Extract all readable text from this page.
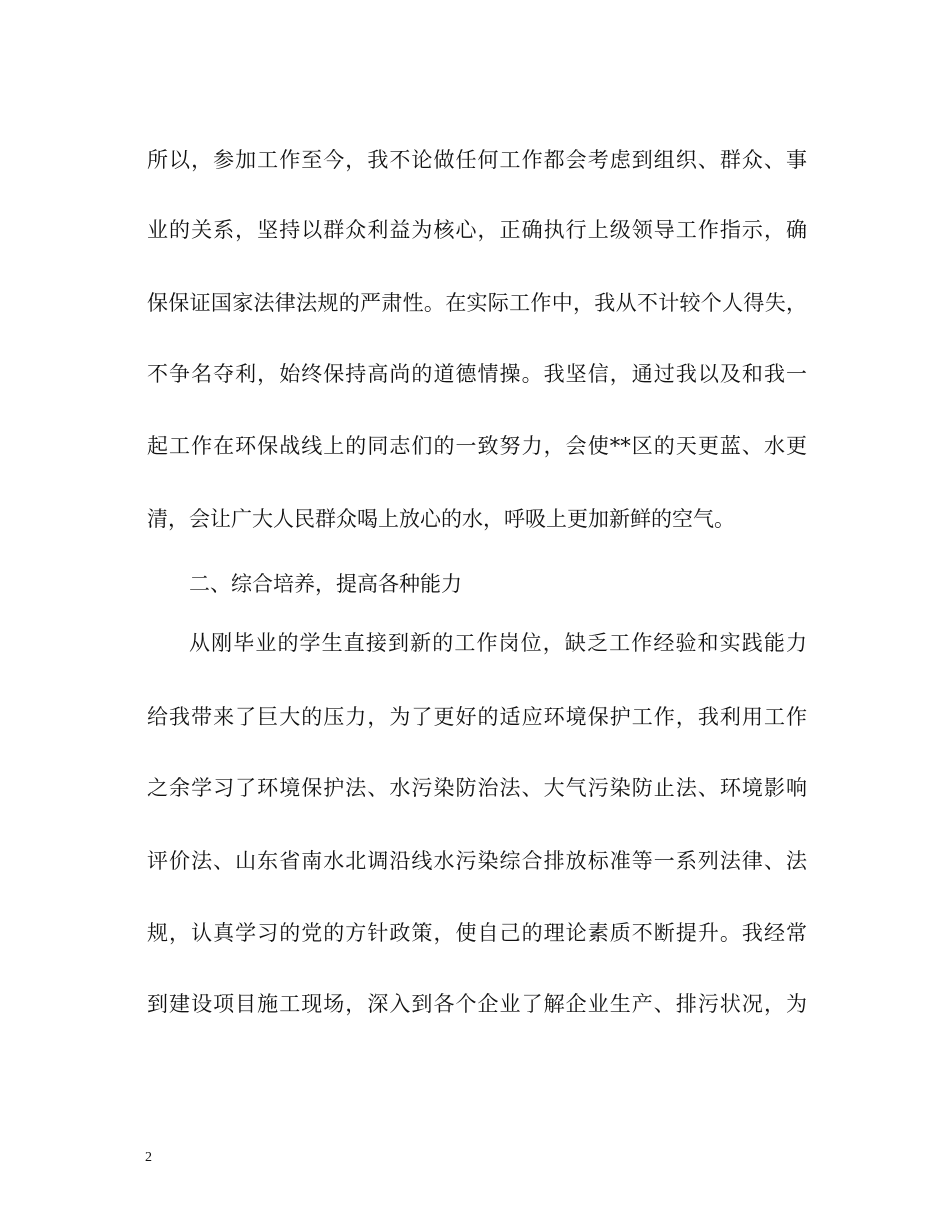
所以，参加工作至今，我不论做任何工作都会考虑到组织、群众、事
业的关系，坚持以群众利益为核心，正确执行上级领导工作指示，确
保保证国家法律法规的严肃性。在实际工作中，我从不计较个人得失，
不争名夺利，始终保持高尚的道德情操。我坚信，通过我以及和我一
起工作在环保战线上的同志们的一致努力，会使**区的天更蓝、水更
清，会让广大人民群众喝上放心的水，呼吸上更加新鲜的空气。
二、综合培养，提高各种能力
从刚毕业的学生直接到新的工作岗位，缺乏工作经验和实践能力
给我带来了巨大的压力，为了更好的适应环境保护工作，我利用工作
之余学习了环境保护法、水污染防治法、大气污染防止法、环境影响
评价法、山东省南水北调沿线水污染综合排放标准等一系列法律、法
规，认真学习的党的方针政策，使自己的理论素质不断提升。我经常
到建设项目施工现场，深入到各个企业了解企业生产、排污状况，为
2
